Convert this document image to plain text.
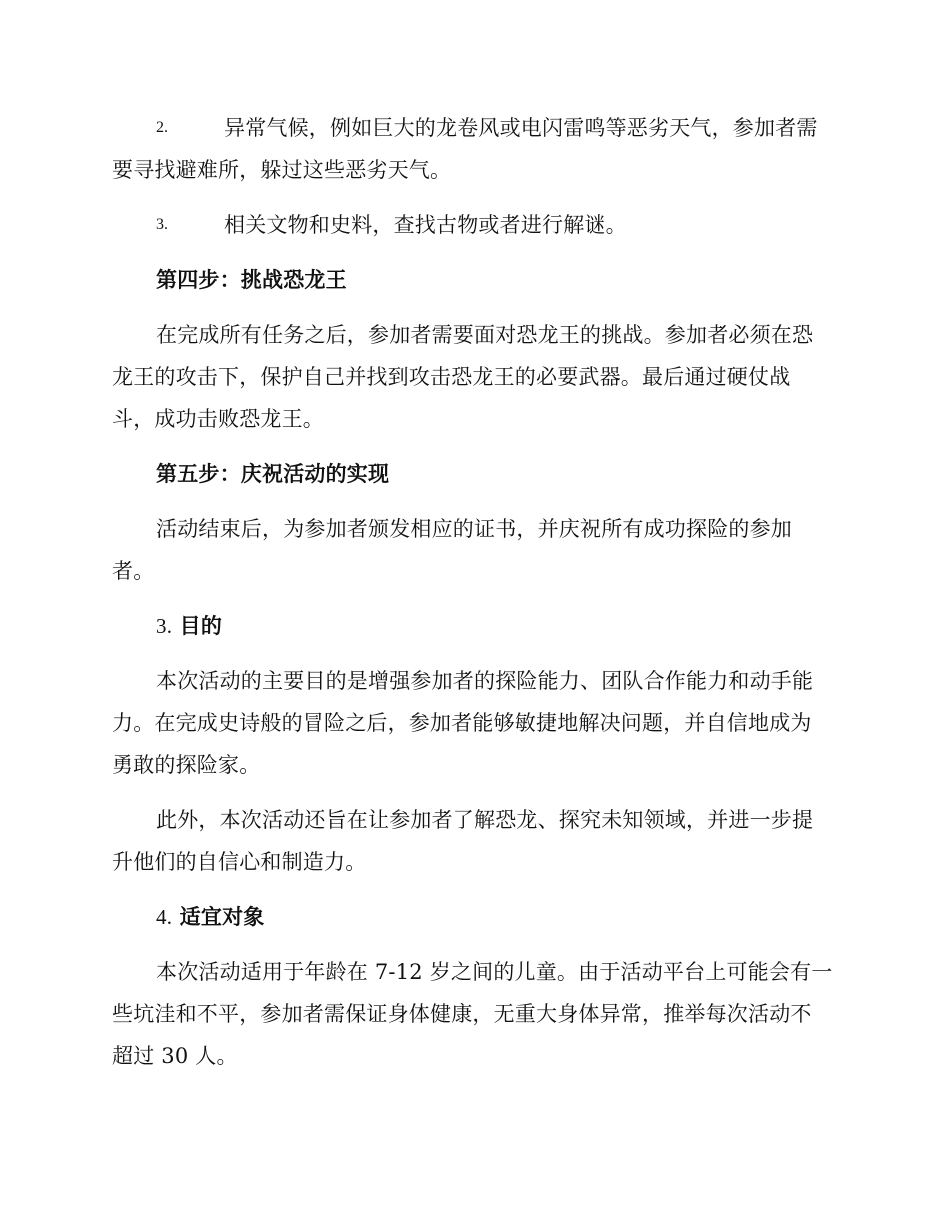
2.	异常气候，例如巨大的龙卷风或电闪雷鸣等恶劣天气，参加者需
要寻找避难所，躲过这些恶劣天气。
3.	相关文物和史料，查找古物或者进行解谜。
第四步：挑战恐龙王
在完成所有任务之后，参加者需要面对恐龙王的挑战。参加者必须在恐
龙王的攻击下，保护自己并找到攻击恐龙王的必要武器。最后通过硬仗战
斗，成功击败恐龙王。
第五步：庆祝活动的实现
活动结束后，为参加者颁发相应的证书，并庆祝所有成功探险的参加
者。
3. 目的
本次活动的主要目的是增强参加者的探险能力、团队合作能力和动手能
力。在完成史诗般的冒险之后，参加者能够敏捷地解决问题，并自信地成为
勇敢的探险家。
此外，本次活动还旨在让参加者了解恐龙、探究未知领域，并进一步提
升他们的自信心和制造力。
4. 适宜对象
本次活动适用于年龄在 7-12 岁之间的儿童。由于活动平台上可能会有一
些坑洼和不平，参加者需保证身体健康，无重大身体异常，推举每次活动不
超过 30 人。
